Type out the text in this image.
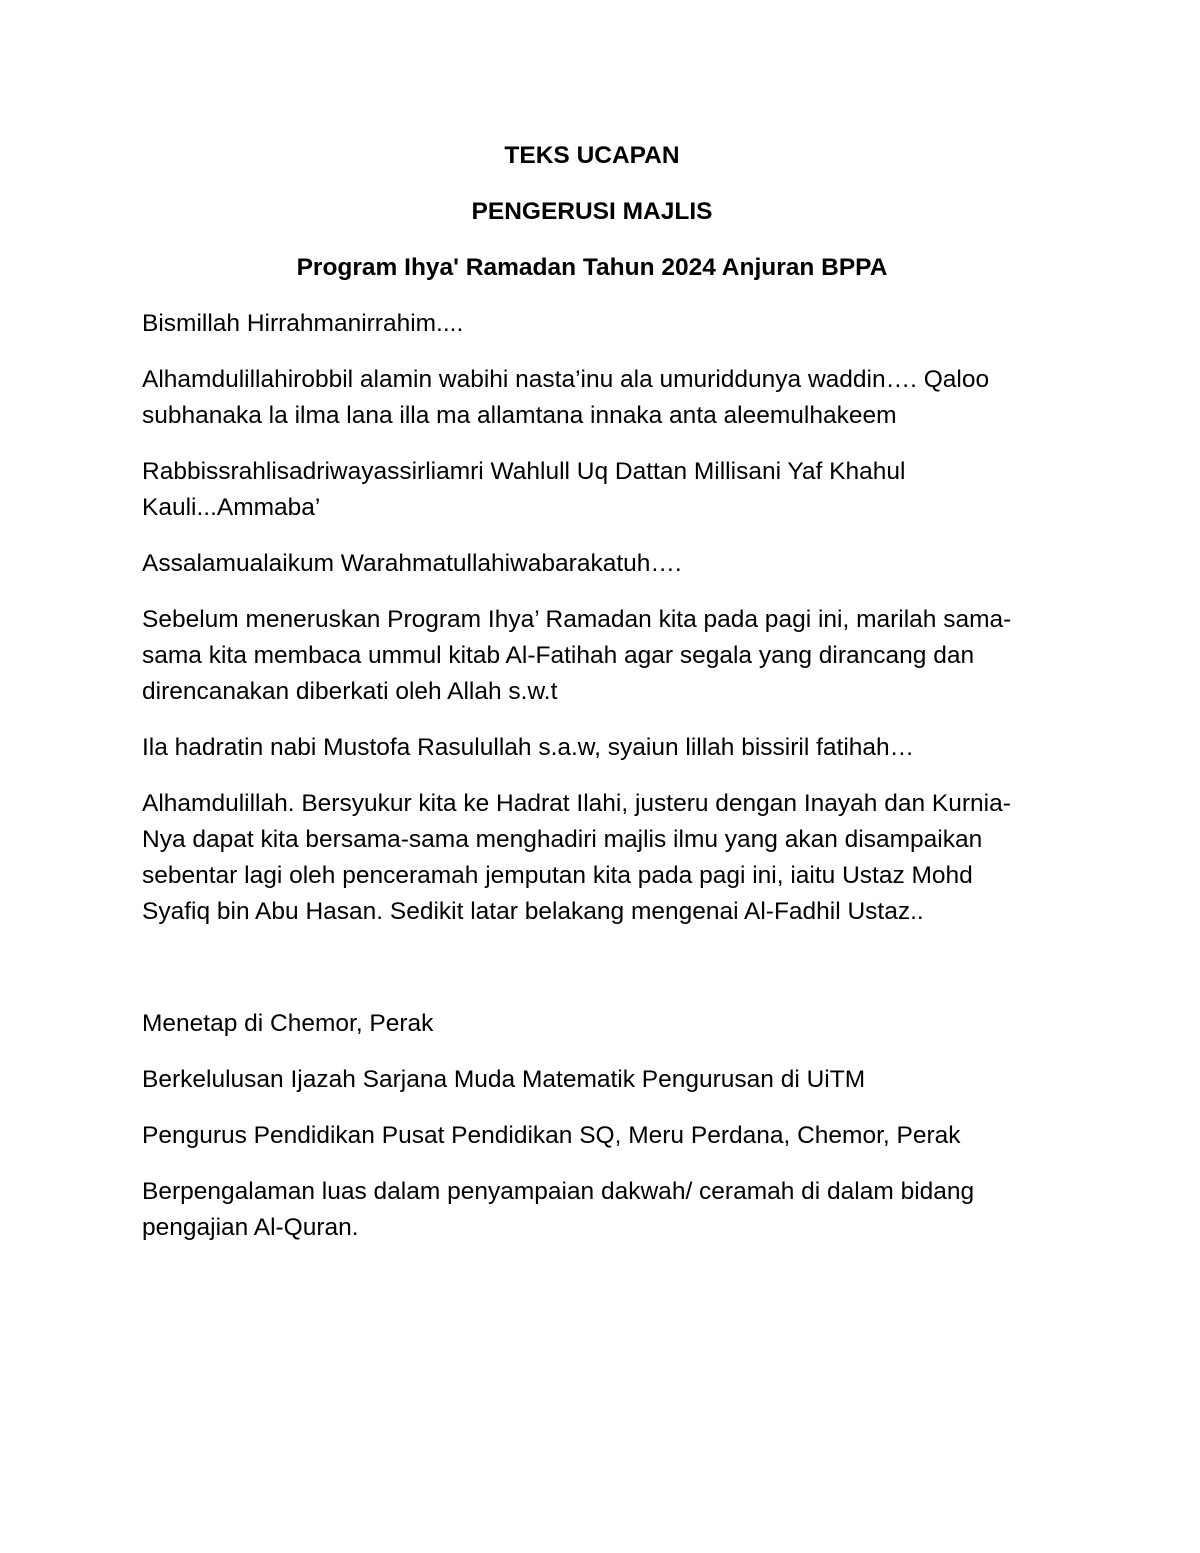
TEKS UCAPAN
PENGERUSI MAJLIS
Program Ihya' Ramadan Tahun 2024 Anjuran BPPA

Bismillah Hirrahmanirrahim....

Alhamdulillahirobbil alamin wabihi nasta’inu ala umuriddunya waddin…. Qaloo subhanaka la ilma lana illa ma allamtana innaka anta aleemulhakeem

Rabbissrahlisadriwayassirliamri Wahlull Uq Dattan Millisani Yaf Khahul Kauli...Ammaba’

Assalamualaikum Warahmatullahiwabarakatuh….

Sebelum meneruskan Program Ihya’ Ramadan kita pada pagi ini, marilah sama-sama kita membaca ummul kitab Al-Fatihah agar segala yang dirancang dan direncanakan diberkati oleh Allah s.w.t

Ila hadratin nabi Mustofa Rasulullah s.a.w, syaiun lillah bissiril fatihah…

Alhamdulillah. Bersyukur kita ke Hadrat Ilahi, justeru dengan Inayah dan Kurnia-Nya dapat kita bersama-sama menghadiri majlis ilmu yang akan disampaikan sebentar lagi oleh penceramah jemputan kita pada pagi ini, iaitu Ustaz Mohd Syafiq bin Abu Hasan. Sedikit latar belakang mengenai Al-Fadhil Ustaz..

Menetap di Chemor, Perak

Berkelulusan Ijazah Sarjana Muda Matematik Pengurusan di UiTM

Pengurus Pendidikan Pusat Pendidikan SQ, Meru Perdana, Chemor, Perak

Berpengalaman luas dalam penyampaian dakwah/ ceramah di dalam bidang pengajian Al-Quran.
